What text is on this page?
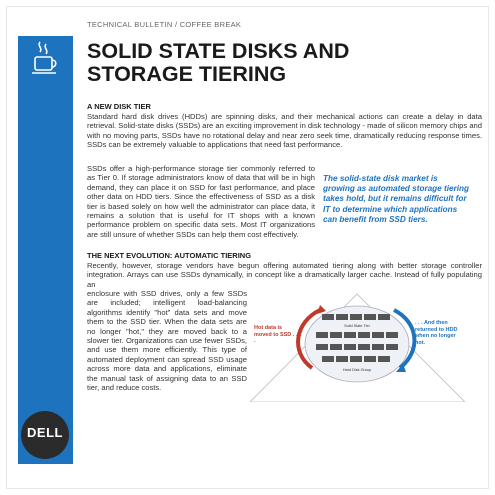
DELL
TECHNICAL BULLETIN / COFFEE BREAK
SOLID STATE DISKS AND
STORAGE TIERING
A NEW DISK TIER
Standard hard disk drives (HDDs) are spinning disks, and their mechanical actions can create a delay in data retrieval. Solid-state disks (SSDs) are an exciting improvement in disk technology - made of silicon memory chips and with no moving parts, SSDs have no rotational delay and near zero seek time, dramatically reducing response times. SSDs can be extremely valuable to applications that need fast performance.
SSDs offer a high-performance storage tier commonly referred to as Tier 0. If storage administrators know of data that will be in high demand, they can place it on SSD for fast performance, and place other data on HDD tiers. Since the effectiveness of SSD as a disk tier is based solely on how well the administrator can place data, it remains a solution that is useful for IT shops with a known performance problem on specific data sets. Most IT organizations are still unsure of whether SSDs can help them cost effectively.
The solid-state disk market is growing as automated storage tiering takes hold, but it remains difficult for IT to determine which applications can benefit from SSD tiers.
THE NEXT EVOLUTION: AUTOMATIC TIERING
Recently, however, storage vendors have begun offering automated tiering along with better storage controller integration. Arrays can use SSDs dynamically, in concept like a dramatically larger cache. Instead of fully populating an
Solid State Tier
Hard Disk Group
Hot data is moved to SSD . . .
. . . And then returned to HDD when no longer hot.
enclosure with SSD drives, only a few SSDs are included; intelligent load-balancing algorithms identify "hot" data sets and move them to the SSD tier. When the data sets are no longer "hot," they are moved back to a slower tier. Organizations can use fewer SSDs, and use them more efficiently. This type of automated deployment can spread SSD usage across more data and applications, eliminate the manual task of assigning data to an SSD tier, and reduce costs.
